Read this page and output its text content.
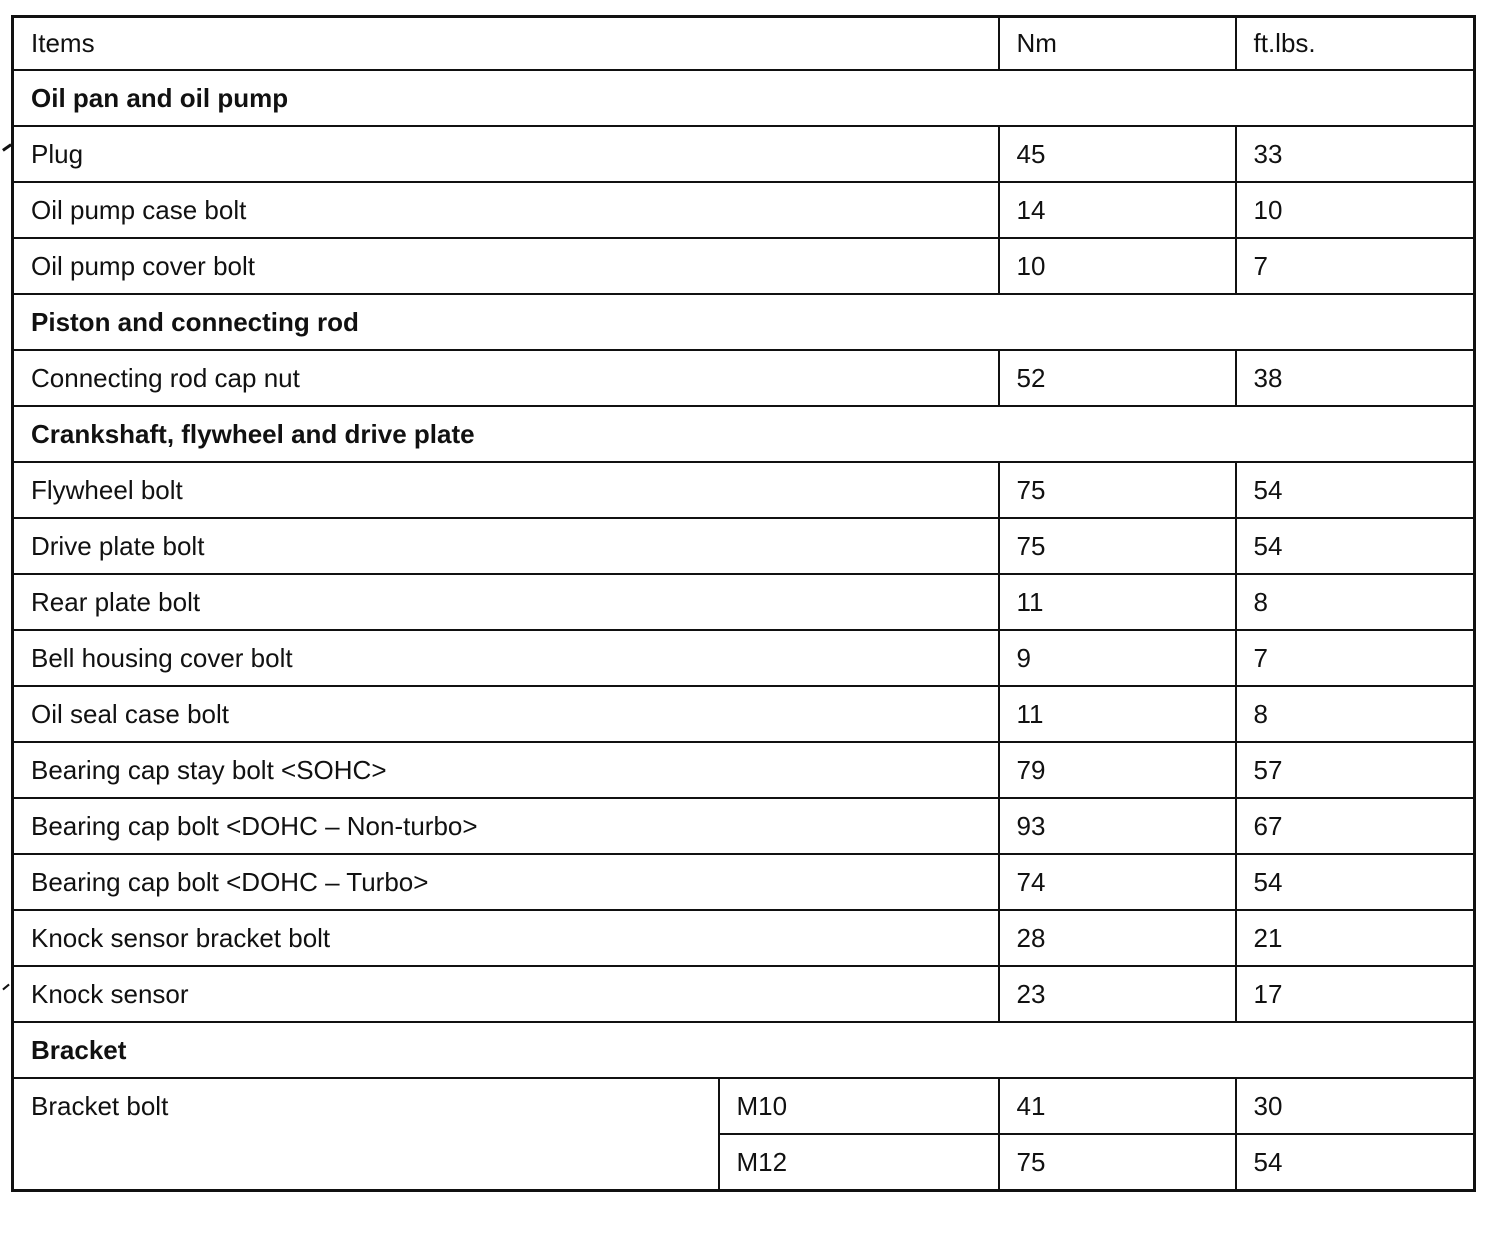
Items		Nm	ft.lbs.
Oil pan and oil pump			
Plug		45	33
Oil pump case bolt		14	10
Oil pump cover bolt		10	7
Piston and connecting rod			
Connecting rod cap nut		52	38
Crankshaft, flywheel and drive plate			
Flywheel bolt		75	54
Drive plate bolt		75	54
Rear plate bolt		11	8
Bell housing cover bolt		9	7
Oil seal case bolt		11	8
Bearing cap stay bolt <SOHC>		79	57
Bearing cap bolt <DOHC – Non-turbo>		93	67
Bearing cap bolt <DOHC – Turbo>		74	54
Knock sensor bracket bolt		28	21
Knock sensor		23	17
Bracket			
Bracket bolt	M10	41	30
	M12	75	54
